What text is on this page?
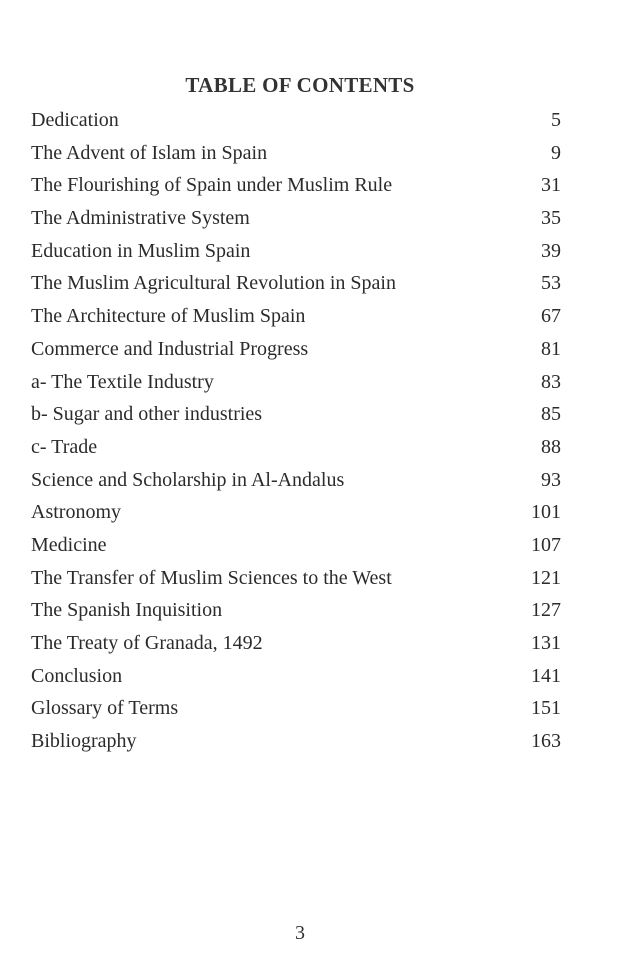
TABLE OF CONTENTS
Dedication	5
The Advent of Islam in Spain	9
The Flourishing of Spain under Muslim Rule	31
The Administrative System	35
Education in Muslim Spain	39
The Muslim Agricultural Revolution in Spain	53
The Architecture of Muslim Spain	67
Commerce and Industrial Progress	81
a- The Textile Industry	83
b- Sugar and other industries	85
c- Trade	88
Science and Scholarship in Al-Andalus	93
Astronomy	101
Medicine	107
The Transfer of Muslim Sciences to the West	121
The Spanish Inquisition	127
The Treaty of Granada, 1492	131
Conclusion	141
Glossary of Terms	151
Bibliography	163
3
